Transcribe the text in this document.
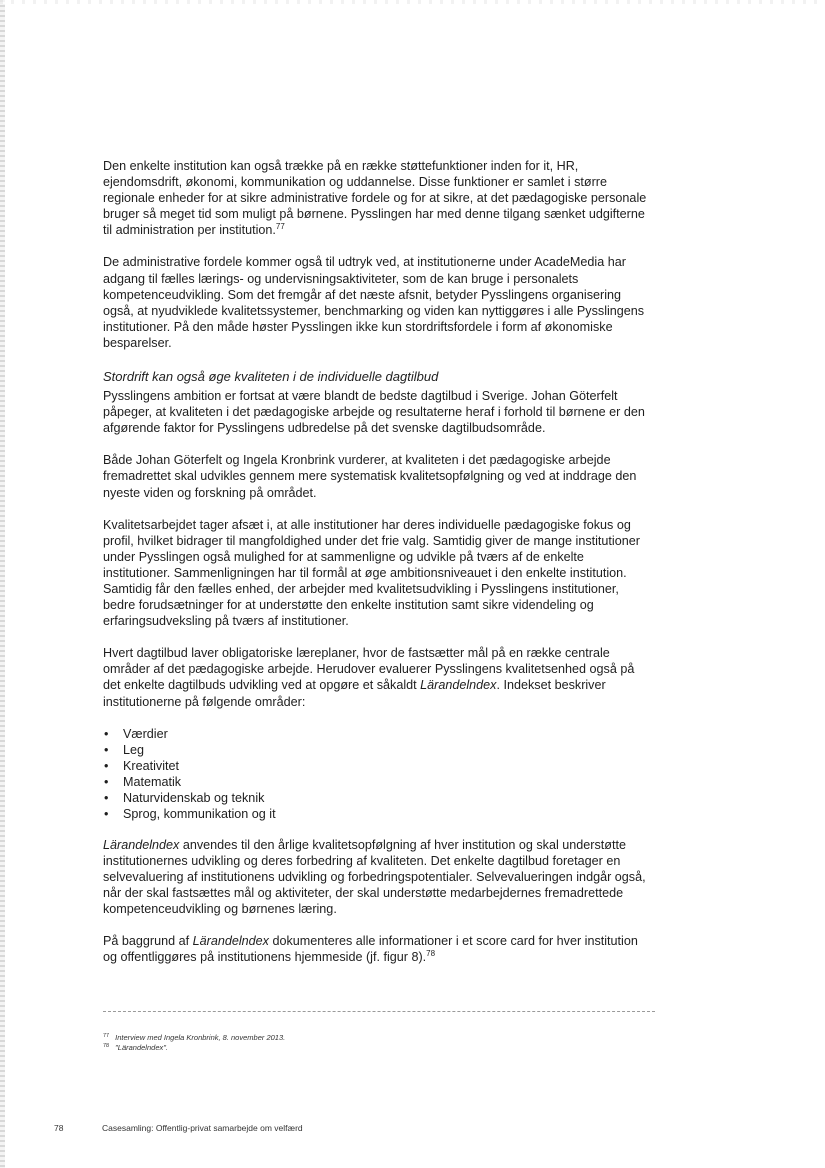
Den enkelte institution kan også trække på en række støttefunktioner inden for it, HR, ejendomsdrift, økonomi, kommunikation og uddannelse. Disse funktioner er samlet i større regionale enheder for at sikre administrative fordele og for at sikre, at det pædagogiske personale bruger så meget tid som muligt på børnene. Pysslingen har med denne tilgang sænket udgifterne til administration per institution.$^{77}$

De administrative fordele kommer også til udtryk ved, at institutionerne under AcadeMedia har adgang til fælles lærings- og undervisningsaktiviteter, som de kan bruge i personalets kompetenceudvikling. Som det fremgår af det næste afsnit, betyder Pysslingens organisering også, at nyudviklede kvalitetssystemer, benchmarking og viden kan nyttiggøres i alle Pysslingens institutioner. På den måde høster Pysslingen ikke kun stordriftsfordele i form af økonomiske besparelser.

Stordrift kan også øge kvaliteten i de individuelle dagtilbud

Pysslingens ambition er fortsat at være blandt de bedste dagtilbud i Sverige. Johan Göterfelt påpeger, at kvaliteten i det pædagogiske arbejde og resultaterne heraf i forhold til børnene er den afgørende faktor for Pysslingens udbredelse på det svenske dagtilbudsområde.

Både Johan Göterfelt og Ingela Kronbrink vurderer, at kvaliteten i det pædagogiske arbejde fremadrettet skal udvikles gennem mere systematisk kvalitetsopfølgning og ved at inddrage den nyeste viden og forskning på området.

Kvalitetsarbejdet tager afsæt i, at alle institutioner har deres individuelle pædagogiske fokus og profil, hvilket bidrager til mangfoldighed under det frie valg. Samtidig giver de mange institutioner under Pysslingen også mulighed for at sammenligne og udvikle på tværs af de enkelte institutioner. Sammenligningen har til formål at øge ambitionsniveauet i den enkelte institution. Samtidig får den fælles enhed, der arbejder med kvalitetsudvikling i Pysslingens institutioner, bedre forudsætninger for at understøtte den enkelte institution samt sikre videndeling og erfaringsudveksling på tværs af institutioner.

Hvert dagtilbud laver obligatoriske læreplaner, hvor de fastsætter mål på en række centrale områder af det pædagogiske arbejde. Herudover evaluerer Pysslingens kvalitetsenhed også på det enkelte dagtilbuds udvikling ved at opgøre et såkaldt Lärandelndex. Indekset beskriver institutionerne på følgende områder:

• Værdier
• Leg
• Kreativitet
• Matematik
• Naturvidenskab og teknik
• Sprog, kommunikation og it

Lärandelndex anvendes til den årlige kvalitetsopfølgning af hver institution og skal understøtte institutionernes udvikling og deres forbedring af kvaliteten. Det enkelte dagtilbud foretager en selvevaluering af institutionens udvikling og forbedringspotentialer. Selvevalueringen indgår også, når der skal fastsættes mål og aktiviteter, der skal understøtte medarbejdernes fremadrettede kompetenceudvikling og børnenes læring.

På baggrund af Lärandelndex dokumenteres alle informationer i et score card for hver institution og offentliggøres på institutionens hjemmeside (jf. figur 8).$^{78}$

$^{77}$ Interview med Ingela Kronbrink, 8. november 2013.
$^{78}$ "Lärandelndex".
78	Casesamling: Offentlig-privat samarbejde om velfærd
